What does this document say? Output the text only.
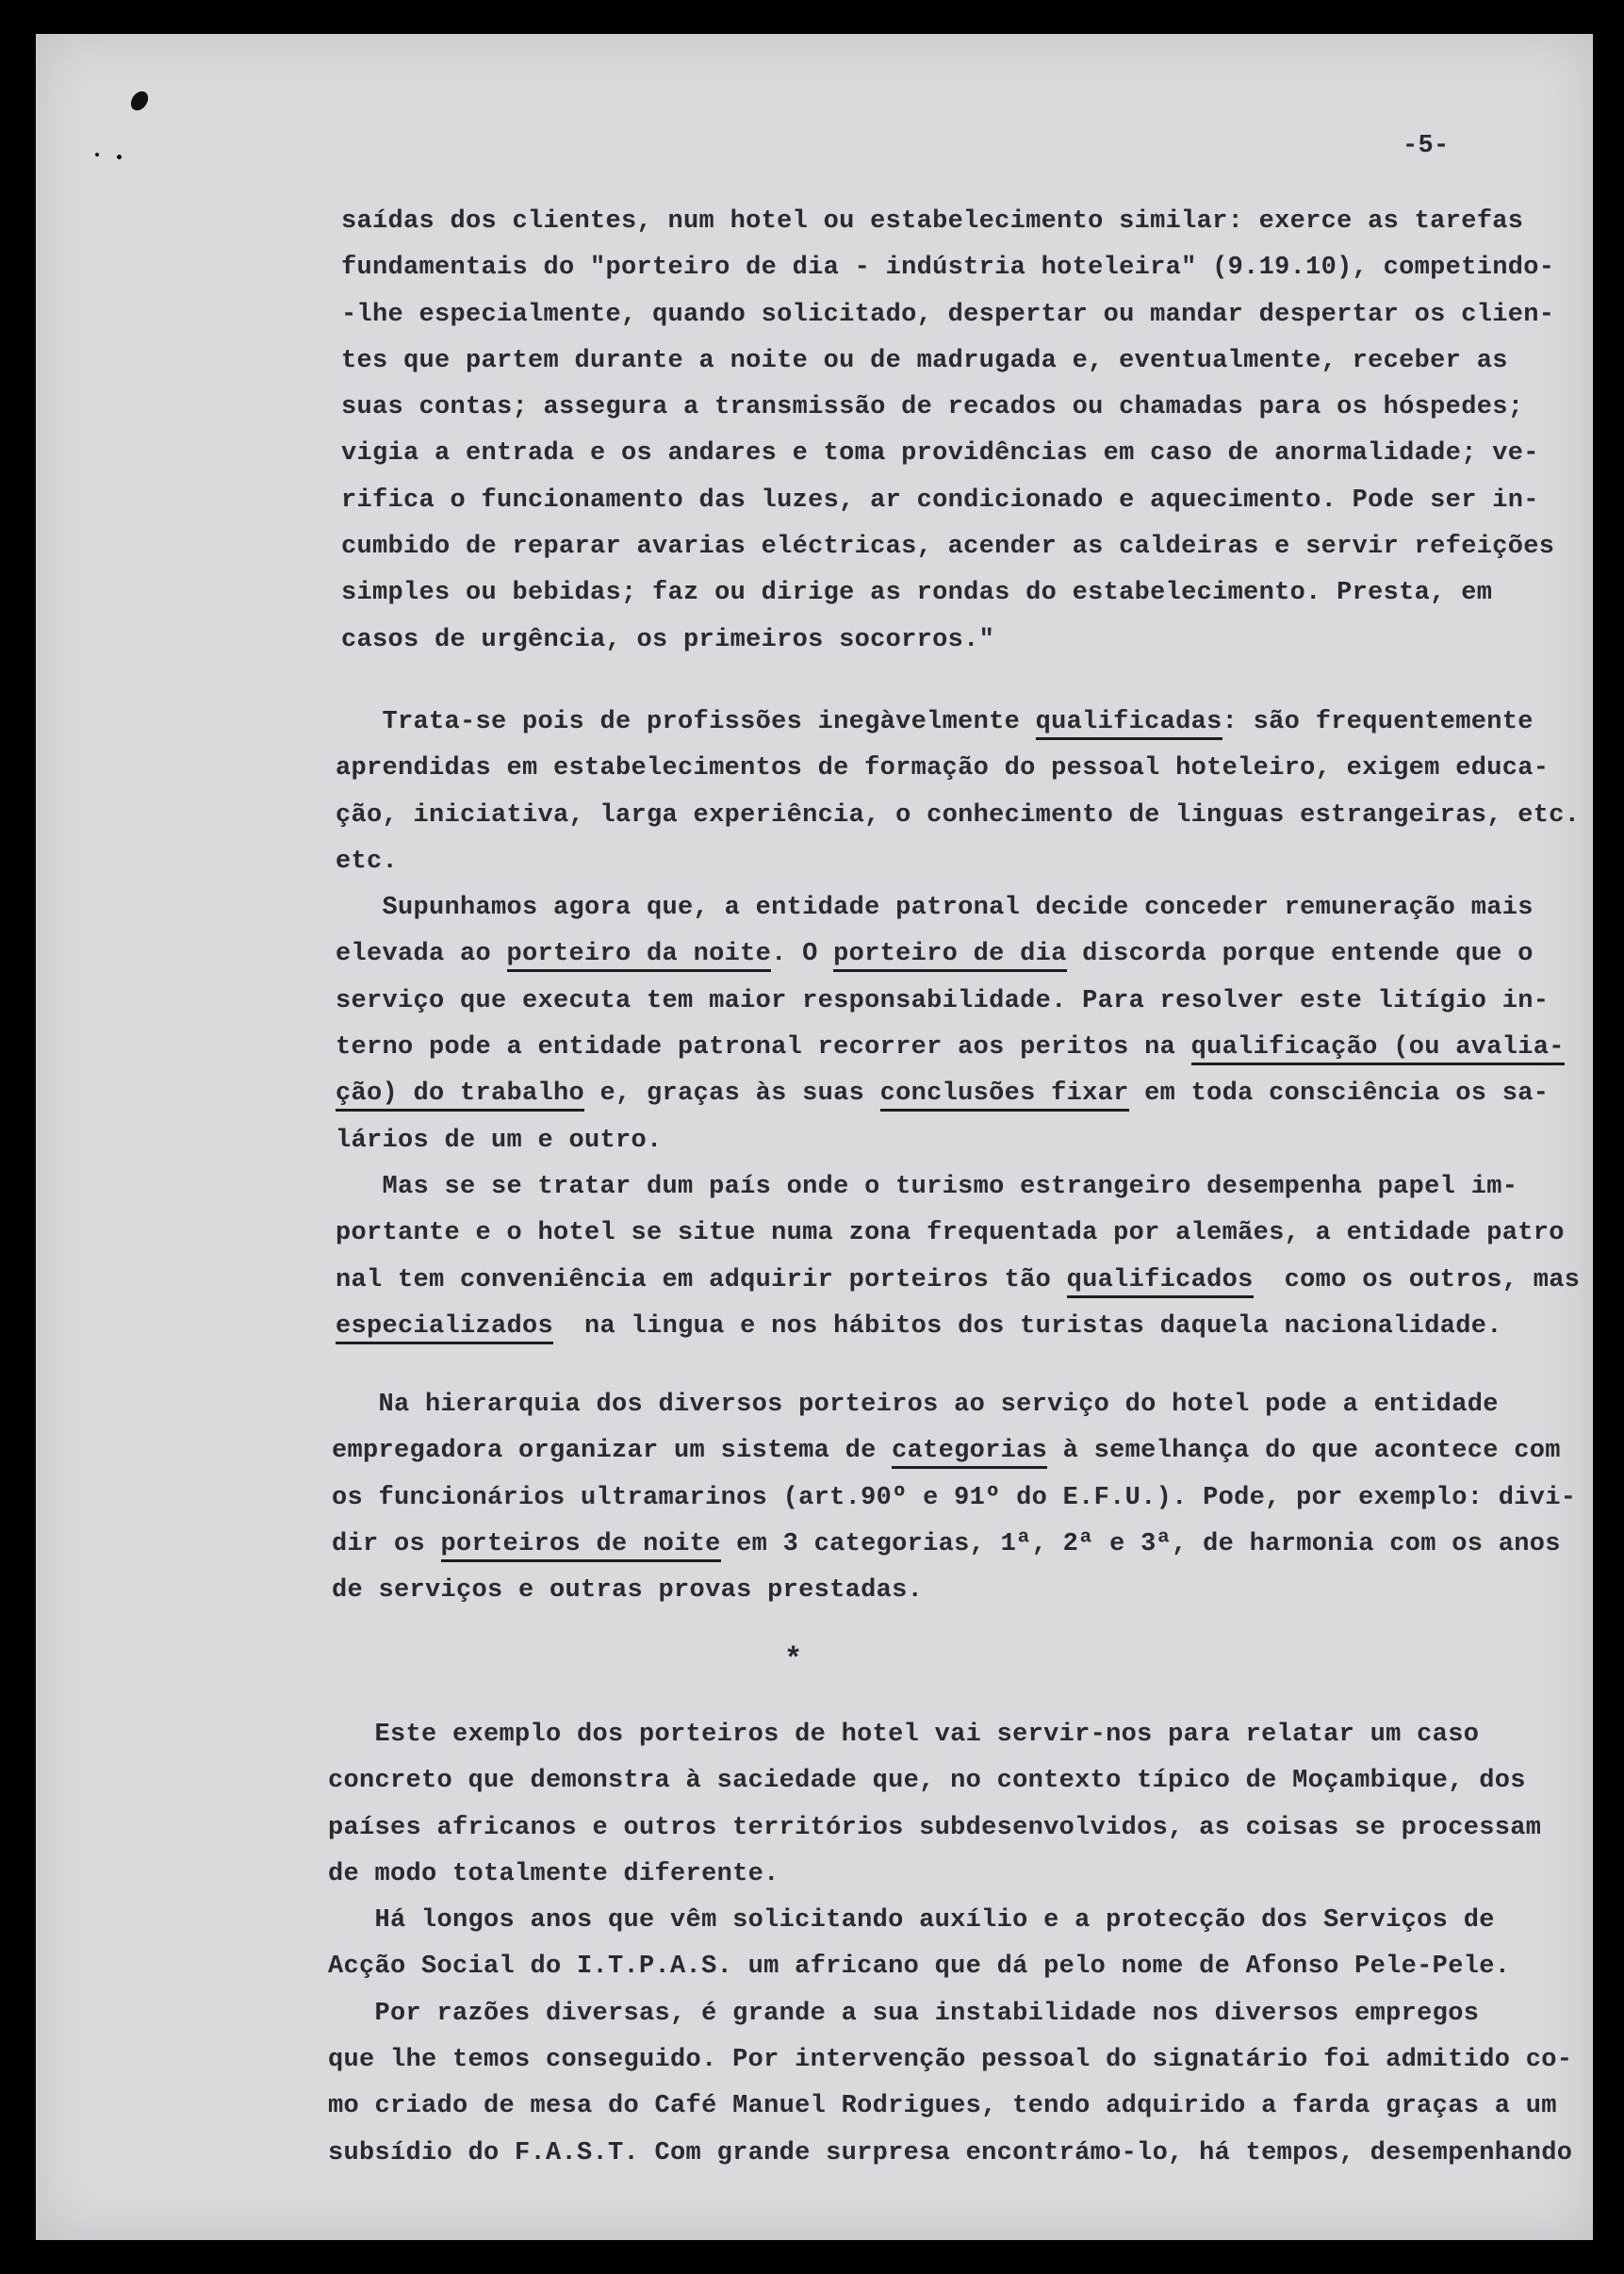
-5-
saídas dos clientes, num hotel ou estabelecimento similar: exerce as tarefas
fundamentais do "porteiro de dia - indústria hoteleira" (9.19.10), competindo-
-lhe especialmente, quando solicitado, despertar ou mandar despertar os clien-
tes que partem durante a noite ou de madrugada e, eventualmente, receber as
suas contas; assegura a transmissão de recados ou chamadas para os hóspedes;
vigia a entrada e os andares e toma providências em caso de anormalidade; ve-
rifica o funcionamento das luzes, ar condicionado e aquecimento. Pode ser in-
cumbido de reparar avarias eléctricas, acender as caldeiras e servir refeições
simples ou bebidas; faz ou dirige as rondas do estabelecimento. Presta, em
casos de urgência, os primeiros socorros."
Trata-se pois de profissões inegàvelmente qualificadas: são frequentemente
aprendidas em estabelecimentos de formação do pessoal hoteleiro, exigem educa-
ção, iniciativa, larga experiência, o conhecimento de linguas estrangeiras, etc.
etc.
Supunhamos agora que, a entidade patronal decide conceder remuneração mais
elevada ao porteiro da noite. O porteiro de dia discorda porque entende que o
serviço que executa tem maior responsabilidade. Para resolver este litígio in-
terno pode a entidade patronal recorrer aos peritos na qualificação (ou avalia-
ção) do trabalho e, graças às suas conclusões fixar em toda consciência os sa-
lários de um e outro.
Mas se se tratar dum país onde o turismo estrangeiro desempenha papel im-
portante e o hotel se situe numa zona frequentada por alemães, a entidade patro
nal tem conveniência em adquirir porteiros tão qualificados  como os outros, mas
especializados  na lingua e nos hábitos dos turistas daquela nacionalidade.
Na hierarquia dos diversos porteiros ao serviço do hotel pode a entidade
empregadora organizar um sistema de categorias à semelhança do que acontece com
os funcionários ultramarinos (art.90º e 91º do E.F.U.). Pode, por exemplo: divi-
dir os porteiros de noite em 3 categorias, 1ª, 2ª e 3ª, de harmonia com os anos
de serviços e outras provas prestadas.
*
Este exemplo dos porteiros de hotel vai servir-nos para relatar um caso
concreto que demonstra à saciedade que, no contexto típico de Moçambique, dos
países africanos e outros territórios subdesenvolvidos, as coisas se processam
de modo totalmente diferente.
Há longos anos que vêm solicitando auxílio e a protecção dos Serviços de
Acção Social do I.T.P.A.S. um africano que dá pelo nome de Afonso Pele-Pele.
Por razões diversas, é grande a sua instabilidade nos diversos empregos
que lhe temos conseguido. Por intervenção pessoal do signatário foi admitido co-
mo criado de mesa do Café Manuel Rodrigues, tendo adquirido a farda graças a um
subsídio do F.A.S.T. Com grande surpresa encontrámo-lo, há tempos, desempenhando
